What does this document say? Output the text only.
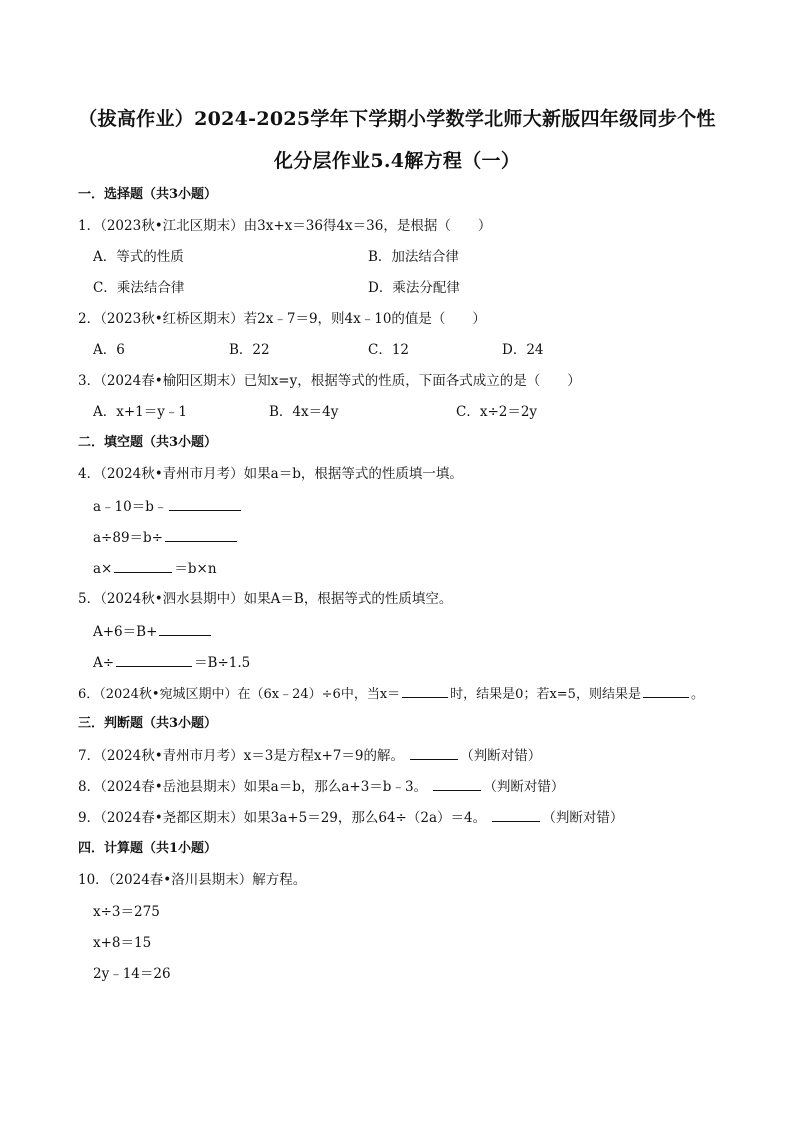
（拔高作业）2024-2025学年下学期小学数学北师大新版四年级同步个性
化分层作业5.4解方程（一）
一．选择题（共3小题）
1．（2023秋•江北区期末）由3x+x＝36得4x＝36，是根据（　　）
A．等式的性质	B．加法结合律
C．乘法结合律	D．乘法分配律
2．（2023秋•红桥区期末）若2x﹣7＝9，则4x﹣10的值是（　　）
A．6	B．22	C．12	D．24
3．（2024春•榆阳区期末）已知x=y，根据等式的性质，下面各式成立的是（　　）
A．x+1＝y﹣1	B．4x＝4y	C．x÷2＝2y
二．填空题（共3小题）
4．（2024秋•青州市月考）如果a＝b，根据等式的性质填一填。
a﹣10＝b﹣
a÷89＝b÷
a×	＝b×n
5．（2024秋•泗水县期中）如果A＝B，根据等式的性质填空。
A+6＝B+
A÷	＝B÷1.5
6．（2024秋•宛城区期中）在（6x﹣24）÷6中，当x＝	时，结果是0；若x=5，则结果是	。
三．判断题（共3小题）
7．（2024秋•青州市月考）x＝3是方程x+7＝9的解。	（判断对错）
8．（2024春•岳池县期末）如果a＝b，那么a+3＝b﹣3。	（判断对错）
9．（2024春•尧都区期末）如果3a+5＝29，那么64÷（2a）＝4。	（判断对错）
四．计算题（共1小题）
10．（2024春•洛川县期末）解方程。
x÷3＝275
x+8＝15
2y﹣14＝26
